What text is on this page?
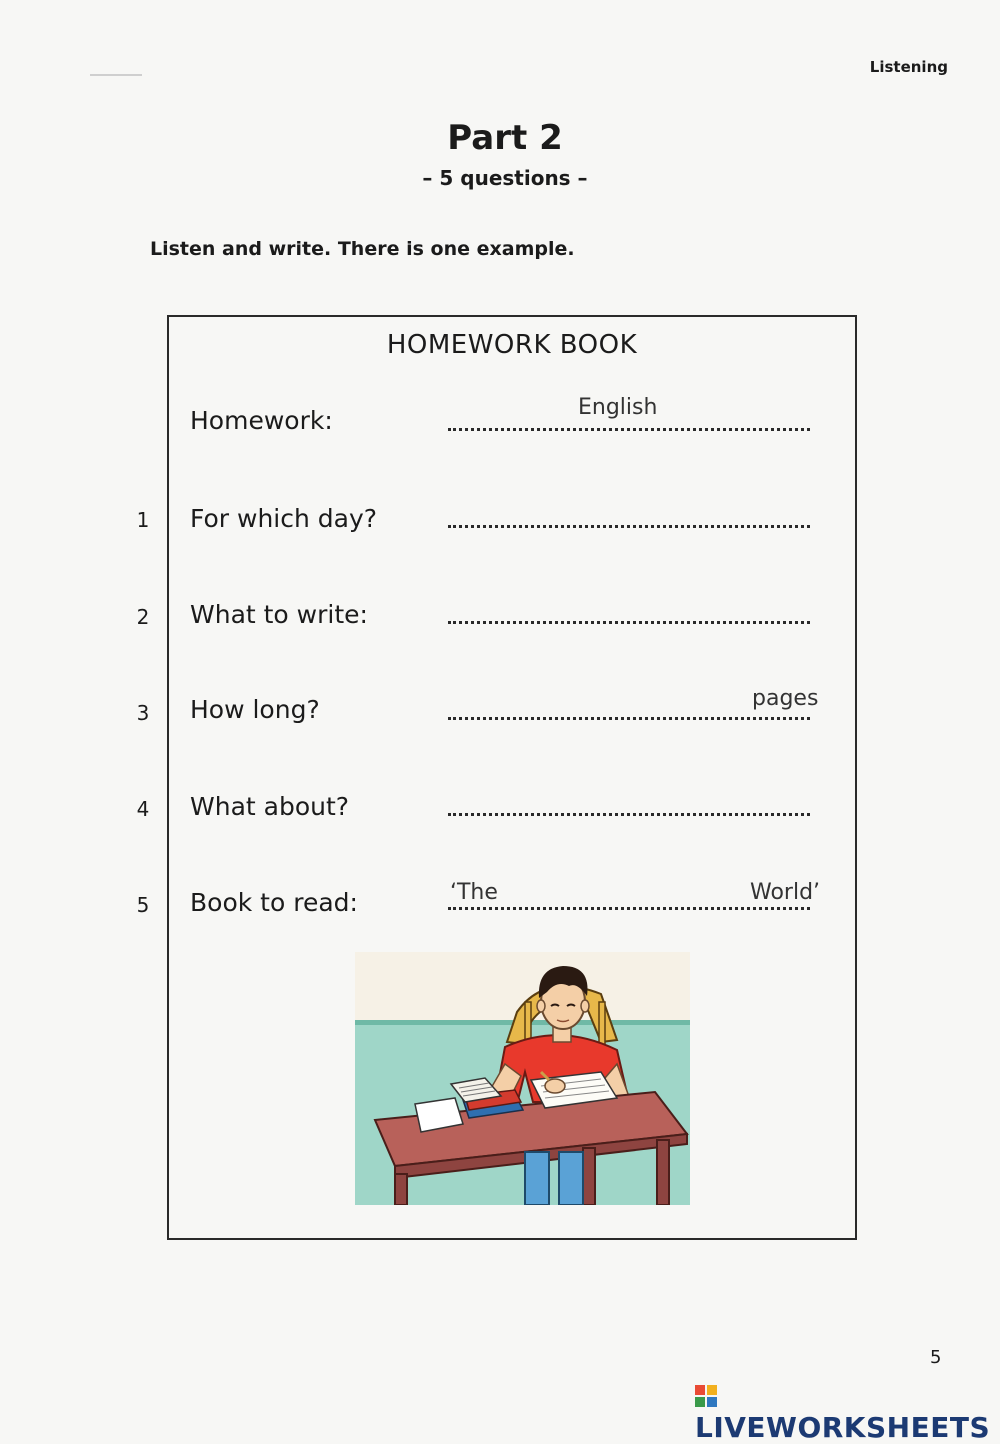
Listening
Part 2
– 5 questions –
Listen and write. There is one example.
HOMEWORK BOOK
Homework:	English
1 For which day?
2 What to write:
3 How long?	pages
4 What about?
5 Book to read:	‘The	World’
5
LIVEWORKSHEETS
